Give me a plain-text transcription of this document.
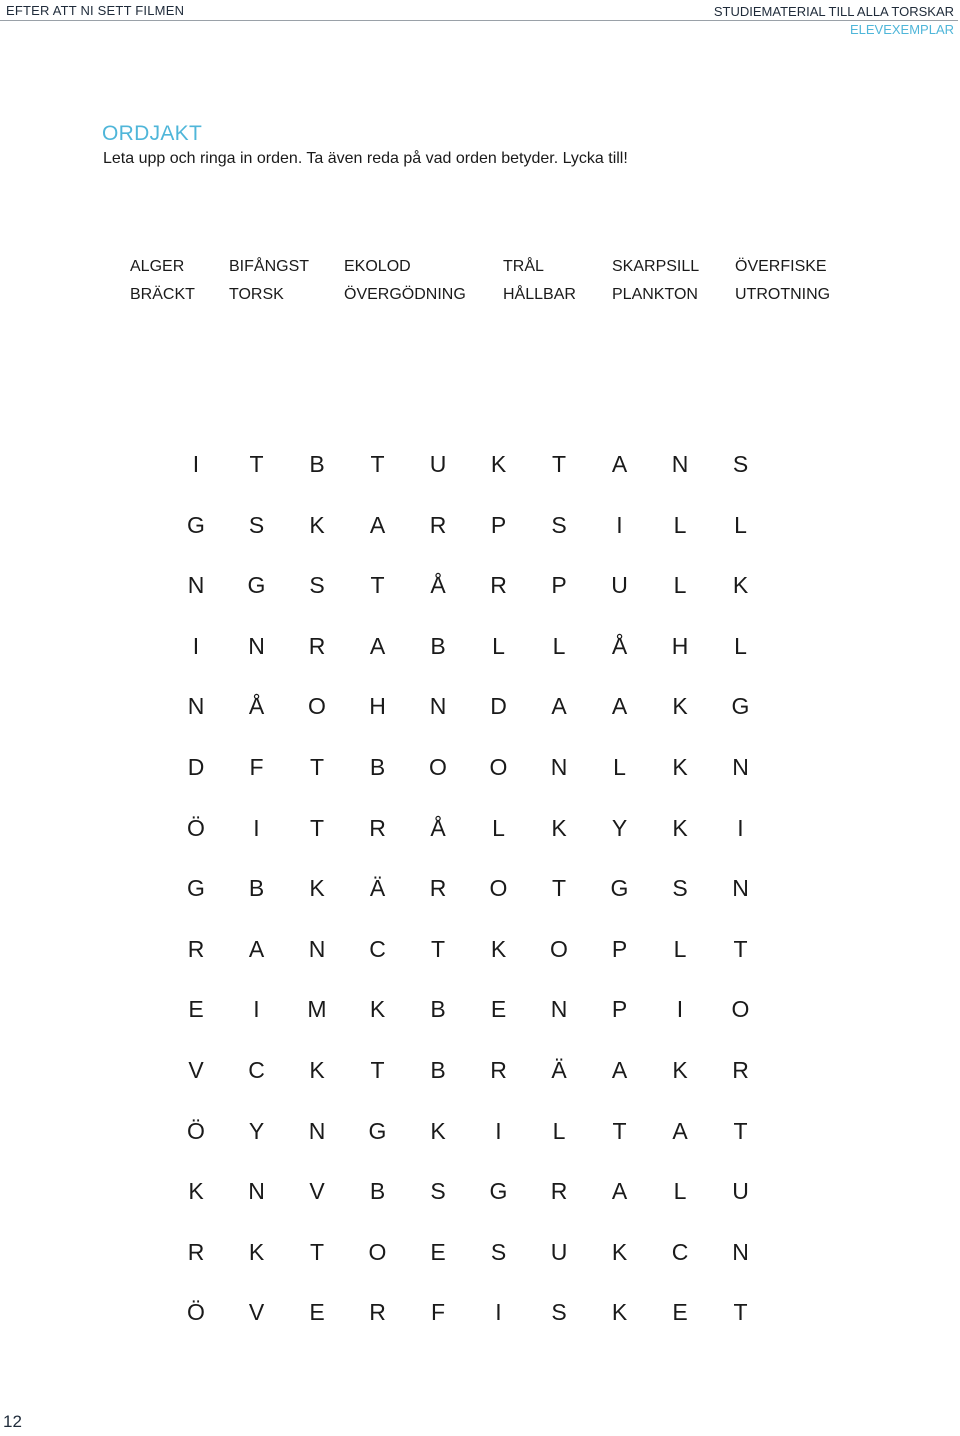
EFTER ATT NI SETT FILMEN	STUDIEMATERIAL TILL ALLA TORSKAR
ELEVEXEMPLAR
ORDJAKT
Leta upp och ringa in orden. Ta även reda på vad orden betyder. Lycka till!
ALGER	BIFÅNGST EKOLOD	TRÅL	SKARPSILL ÖVERFISKE
BRÄCKT TORSK	ÖVERGÖDNING HÅLLBAR PLANKTON UTROTNING
I	T	B	T	U	K	T	A	N	S
G	S	K	A	R	P	S	I	L	L
N	G	S	T	Å	R	P	U	L	K
I	N	R	A	B	L	L	Å	H	L
N	Å	O	H	N	D	A	A	K	G
D	F	T	B	O	O	N	L	K	N
Ö	I	T	R	Å	L	K	Y	K	I
G	B	K	Ä	R	O	T	G	S	N
R	A	N	C	T	K	O	P	L	T
E	I	M	K	B	E	N	P	I	O
V	C	K	T	B	R	Ä	A	K	R
Ö	Y	N	G	K	I	L	T	A	T
K	N	V	B	S	G	R	A	L	U
R	K	T	O	E	S	U	K	C	N
Ö	V	E	R	F	I	S	K	E	T
12
